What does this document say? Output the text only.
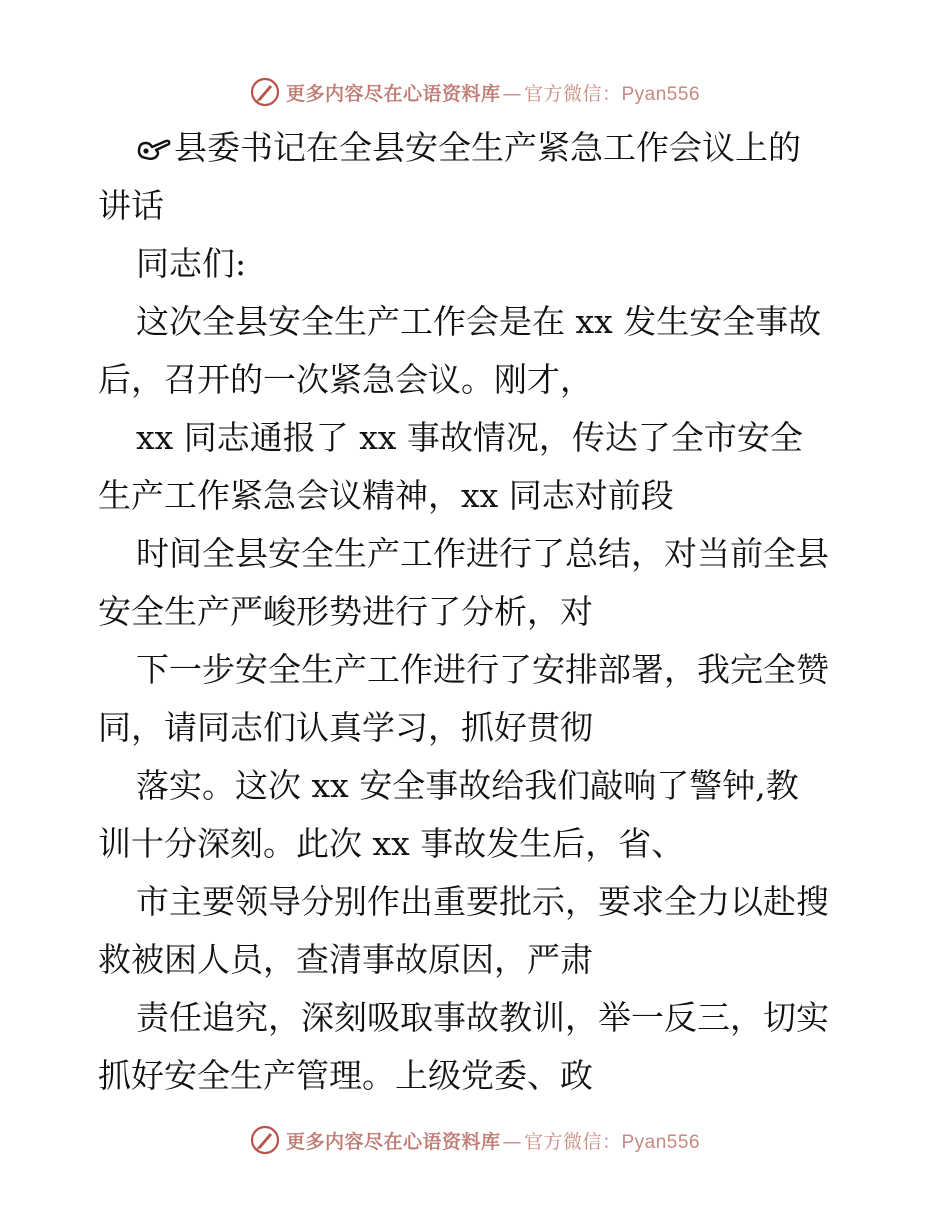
更多内容尽在心语资料库 — 官方微信：Pyan556
县委书记在全县安全生产紧急工作会议上的
讲话
同志们:
这次全县安全生产工作会是在 xx 发生安全事故
后，召开的一次紧急会议。刚才，
xx 同志通报了 xx 事故情况，传达了全市安全
生产工作紧急会议精神，xx 同志对前段
时间全县安全生产工作进行了总结，对当前全县
安全生产严峻形势进行了分析，对
下一步安全生产工作进行了安排部署，我完全赞
同，请同志们认真学习，抓好贯彻
落实。这次 xx 安全事故给我们敲响了警钟,教
训十分深刻。此次 xx 事故发生后，省、
市主要领导分别作出重要批示，要求全力以赴搜
救被困人员，查清事故原因，严肃
责任追究，深刻吸取事故教训，举一反三，切实
抓好安全生产管理。上级党委、政
更多内容尽在心语资料库 — 官方微信：Pyan556
